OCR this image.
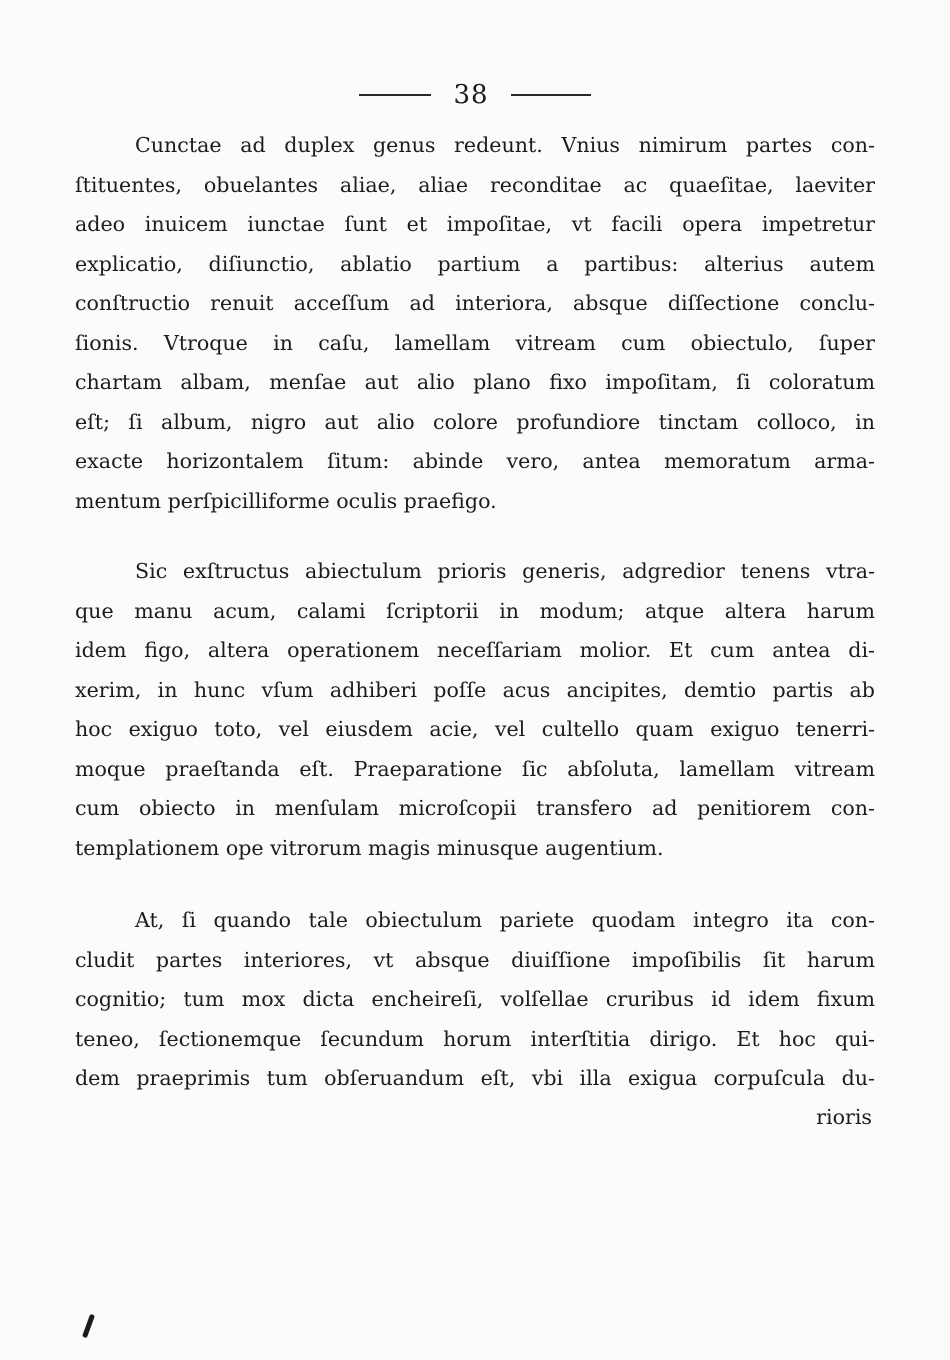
38

Cunctae ad duplex genus redeunt. Vnius nimirum partes con-
ſtituentes, obuelantes aliae, aliae reconditae ac quaeſitae, laeviter
adeo inuicem iunctae ſunt et impoſitae, vt facili opera impetretur
explicatio, diſiunctio, ablatio partium a partibus: alterius autem
conſtructio renuit acceſſum ad interiora, absque diſſectione conclu-
ſionis. Vtroque in caſu, lamellam vitream cum obiectulo, ſuper
chartam albam, menſae aut alio plano fixo impoſitam, ſi coloratum
eſt; ſi album, nigro aut alio colore profundiore tinctam colloco, in
exacte horizontalem ſitum: abinde vero, antea memoratum arma-
mentum perſpicilliforme oculis praefigo.

Sic exſtructus abiectulum prioris generis, adgredior tenens vtra-
que manu acum, calami ſcriptorii in modum; atque altera harum
idem figo, altera operationem neceſſariam molior. Et cum antea di-
xerim, in hunc vſum adhiberi poſſe acus ancipites, demtio partis ab
hoc exiguo toto, vel eiusdem acie, vel cultello quam exiguo tenerri-
moque praeſtanda eſt. Praeparatione ſic abſoluta, lamellam vitream
cum obiecto in menſulam microſcopii transfero ad penitiorem con-
templationem ope vitrorum magis minusque augentium.

At, ſi quando tale obiectulum pariete quodam integro ita con-
cludit partes interiores, vt absque diuiſſione impoſibilis ſit harum
cognitio; tum mox dicta encheireſi, volſellae cruribus id idem fixum
teneo, ſectionemque ſecundum horum interſtitia dirigo. Et hoc qui-
dem praeprimis tum obſeruandum eſt, vbi illa exigua corpuſcula du-

rioris
